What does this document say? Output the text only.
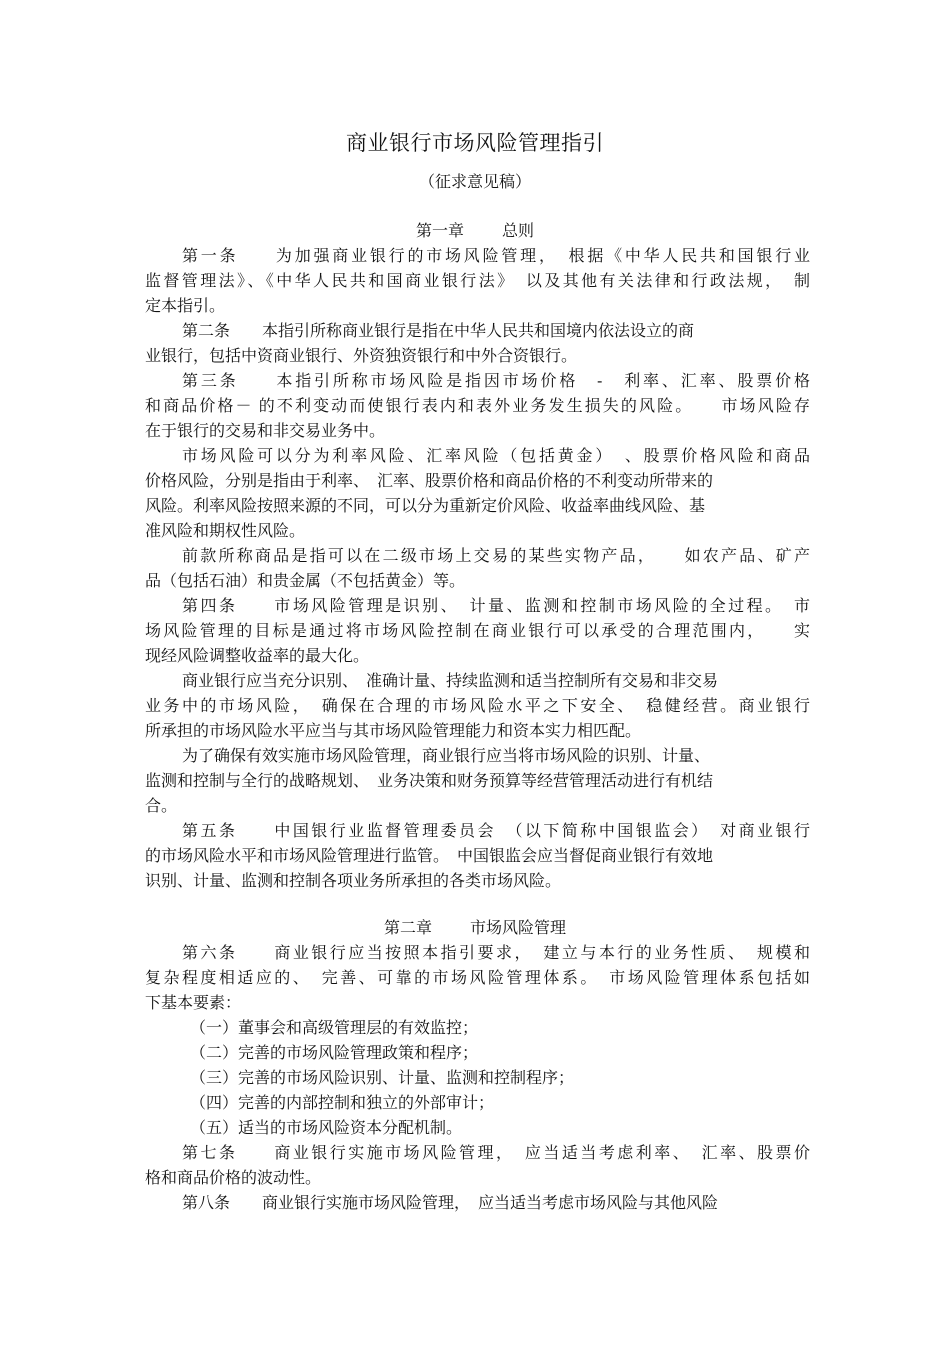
商业银行市场风险管理指引
（征求意见稿）
第一章 总则
第一条　　为加强商业银行的市场风险管理，　根据《中华人民共和国银行业
监督管理法》、《中华人民共和国商业银行法》　以及其他有关法律和行政法规，　制
定本指引。
第二条　　本指引所称商业银行是指在中华人民共和国境内依法设立的商
业银行，包括中资商业银行、外资独资银行和中外合资银行。
第三条　　本指引所称市场风险是指因市场价格　-　利率、汇率、股票价格
和商品价格－ 的不利变动而使银行表内和表外业务发生损失的风险。　　市场风险存
在于银行的交易和非交易业务中。
市场风险可以分为利率风险、汇率风险（包括黄金）　、股票价格风险和商品
价格风险，分别是指由于利率、　汇率、股票价格和商品价格的不利变动所带来的
风险。利率风险按照来源的不同，可以分为重新定价风险、收益率曲线风险、基
准风险和期权性风险。
前款所称商品是指可以在二级市场上交易的某些实物产品，　　如农产品、矿产
品（包括石油）和贵金属（不包括黄金）等。
第四条　　市场风险管理是识别、　计量、监测和控制市场风险的全过程。　市
场风险管理的目标是通过将市场风险控制在商业银行可以承受的合理范围内，　　实
现经风险调整收益率的最大化。
商业银行应当充分识别、　准确计量、持续监测和适当控制所有交易和非交易
业务中的市场风险，　确保在合理的市场风险水平之下安全、　稳健经营。商业银行
所承担的市场风险水平应当与其市场风险管理能力和资本实力相匹配。
为了确保有效实施市场风险管理，商业银行应当将市场风险的识别、计量、
监测和控制与全行的战略规划、　业务决策和财务预算等经营管理活动进行有机结
合。
第五条　　中国银行业监督管理委员会　（以下简称中国银监会）　对商业银行
的市场风险水平和市场风险管理进行监管。　中国银监会应当督促商业银行有效地
识别、计量、监测和控制各项业务所承担的各类市场风险。
第二章 市场风险管理
第六条　　商业银行应当按照本指引要求，　建立与本行的业务性质、　规模和
复杂程度相适应的、　完善、可靠的市场风险管理体系。　市场风险管理体系包括如
下基本要素：
（一）董事会和高级管理层的有效监控；
（二）完善的市场风险管理政策和程序；
（三）完善的市场风险识别、计量、监测和控制程序；
（四）完善的内部控制和独立的外部审计；
（五）适当的市场风险资本分配机制。
第七条　　商业银行实施市场风险管理，　应当适当考虑利率、　汇率、股票价
格和商品价格的波动性。
第八条　　商业银行实施市场风险管理，　应当适当考虑市场风险与其他风险
